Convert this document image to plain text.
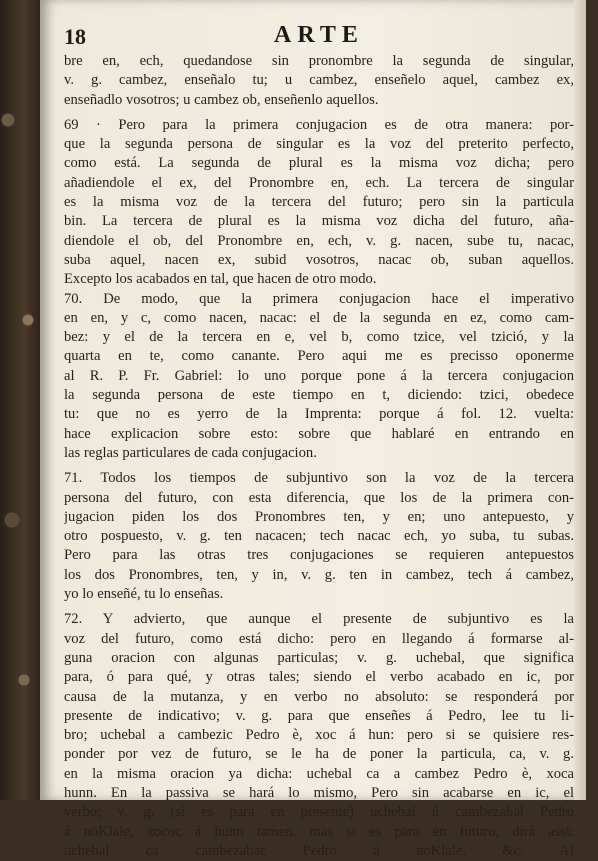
18	ARTE
bre en, ech, quedandose sin pronombre la segunda de singular,
v. g. cambez, enseñalo tu; u cambez, enseñelo aquel, cambez ex,
enseñadlo vosotros; u cambez ob, enseñenlo aquellos.
69 · Pero para la primera conjugacion es de otra manera: por-
que la segunda persona de singular es la voz del preterito perfecto,
como está. La segunda de plural es la misma voz dicha; pero
añadiendole el ex, del Pronombre en, ech. La tercera de singular
es la misma voz de la tercera del futuro; pero sin la particula
bin. La tercera de plural es la misma voz dicha del futuro, aña-
diendole el ob, del Pronombre en, ech, v. g. nacen, sube tu, nacac,
suba aquel, nacen ex, subid vosotros, nacac ob, suban aquellos.
Excepto los acabados en tal, que hacen de otro modo.
70. De modo, que la primera conjugacion hace el imperativo
en en, y c, como nacen, nacac: el de la segunda en ez, como cam-
bez: y el de la tercera en e, vel b, como tzice, vel tzició, y la
quarta en te, como canante. Pero aqui me es precisso oponerme
al R. P. Fr. Gabriel: lo uno porque pone á la tercera conjugacion
la segunda persona de este tiempo en t, diciendo: tzici, obedece
tu: que no es yerro de la Imprenta: porque á fol. 12. vuelta:
hace explicacion sobre esto: sobre que hablaré en entrando en
las reglas particulares de cada conjugacion.
71. Todos los tiempos de subjuntivo son la voz de la tercera
persona del futuro, con esta diferencia, que los de la primera con-
jugacion piden los dos Pronombres ten, y en; uno antepuesto, y
otro pospuesto, v. g. ten nacacen; tech nacac ech, yo suba, tu subas.
Pero para las otras tres conjugaciones se requieren antepuestos
los dos Pronombres, ten, y in, v. g. ten in cambez, tech á cambez,
yo lo enseñé, tu lo enseñas.
72. Y advierto, que aunque el presente de subjuntivo es la
voz del futuro, como está dicho: pero en llegando á formarse al-
guna oracion con algunas particulas; v. g. uchebal, que significa
para, ó para qué, y otras tales; siendo el verbo acabado en ic, por
causa de la mutanza, y en verbo no absoluto: se responderá por
presente de indicativo; v. g. para que enseñes á Pedro, lee tu li-
bro; uchebal a cambezic Pedro è, xoc á hun: pero si se quisiere res-
ponder por vez de futuro, se le ha de poner la particula, ca, v. g.
en la misma oracion ya dicha: uchebal ca a cambez Pedro è, xoca
hunn. En la passiva se hará lo mismo, Pero sin acabarse en ic, el
verbo; v. g. (si es para en presente) uchebal ú cambezabal Pedro
á noKlale, xococ á hunn tamen. mas si es para en futuro, dirá assi:
uchebal ca cambezabac Pedro á noKlale, &c. Al
